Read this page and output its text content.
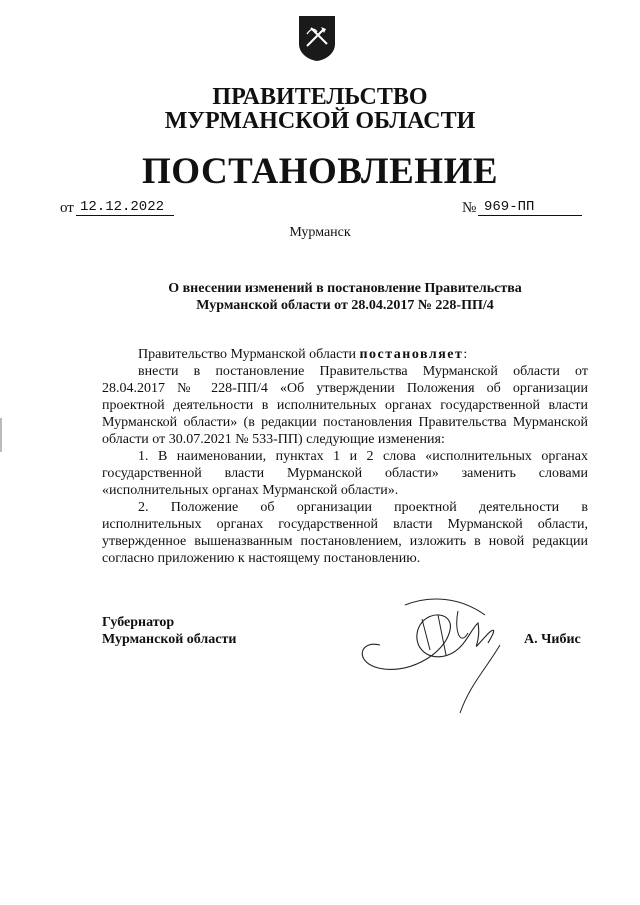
ПРАВИТЕЛЬСТВО
МУРМАНСКОЙ ОБЛАСТИ
ПОСТАНОВЛЕНИЕ
от 12.12.2022	№ 969-ПП
Мурманск
О внесении изменений в постановление Правительства
Мурманской области от 28.04.2017 № 228-ПП/4
Правительство Мурманской области постановляет:
внести в постановление Правительства Мурманской области от
28.04.2017 № 228-ПП/4 «Об утверждении Положения об организации
проектной деятельности в исполнительных органах государственной власти
Мурманской области» (в редакции постановления Правительства Мурманской
области от 30.07.2021 № 533-ПП) следующие изменения:
1. В наименовании, пунктах 1 и 2 слова «исполнительных органах
государственной власти Мурманской области» заменить словами
«исполнительных органах Мурманской области».
2. Положение об организации проектной деятельности в
исполнительных органах государственной власти Мурманской области,
утвержденное вышеназванным постановлением, изложить в новой редакции
согласно приложению к настоящему постановлению.
Губернатор
Мурманской области	А. Чибис
